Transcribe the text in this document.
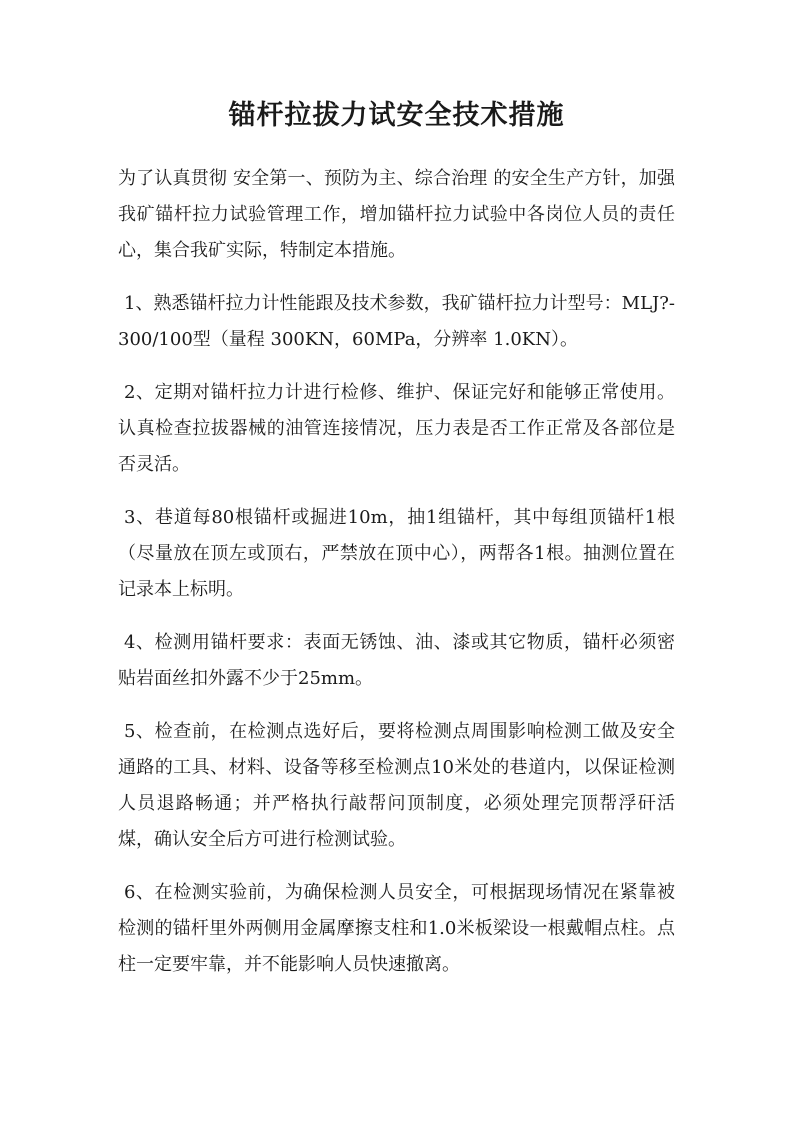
锚杆拉拔力试安全技术措施

为了认真贯彻 安全第一、预防为主、综合治理 的安全生产方针，加强我矿锚杆拉力试验管理工作，增加锚杆拉力试验中各岗位人员的责任心，集合我矿实际，特制定本措施。

1、熟悉锚杆拉力计性能跟及技术参数，我矿锚杆拉力计型号：MLJ?-300/100型（量程 300KN，60MPa，分辨率 1.0KN）。

2、定期对锚杆拉力计进行检修、维护、保证完好和能够正常使用。认真检查拉拔器械的油管连接情况，压力表是否工作正常及各部位是否灵活。

3、巷道每80根锚杆或掘进10m，抽1组锚杆，其中每组顶锚杆1根（尽量放在顶左或顶右，严禁放在顶中心），两帮各1根。抽测位置在记录本上标明。

4、检测用锚杆要求：表面无锈蚀、油、漆或其它物质，锚杆必须密贴岩面丝扣外露不少于25mm。

5、检查前，在检测点选好后，要将检测点周围影响检测工做及安全通路的工具、材料、设备等移至检测点10米处的巷道内，以保证检测人员退路畅通；并严格执行敲帮问顶制度，必须处理完顶帮浮矸活煤，确认安全后方可进行检测试验。

6、在检测实验前，为确保检测人员安全，可根据现场情况在紧靠被检测的锚杆里外两侧用金属摩擦支柱和1.0米板梁设一根戴帽点柱。点柱一定要牢靠，并不能影响人员快速撤离。
